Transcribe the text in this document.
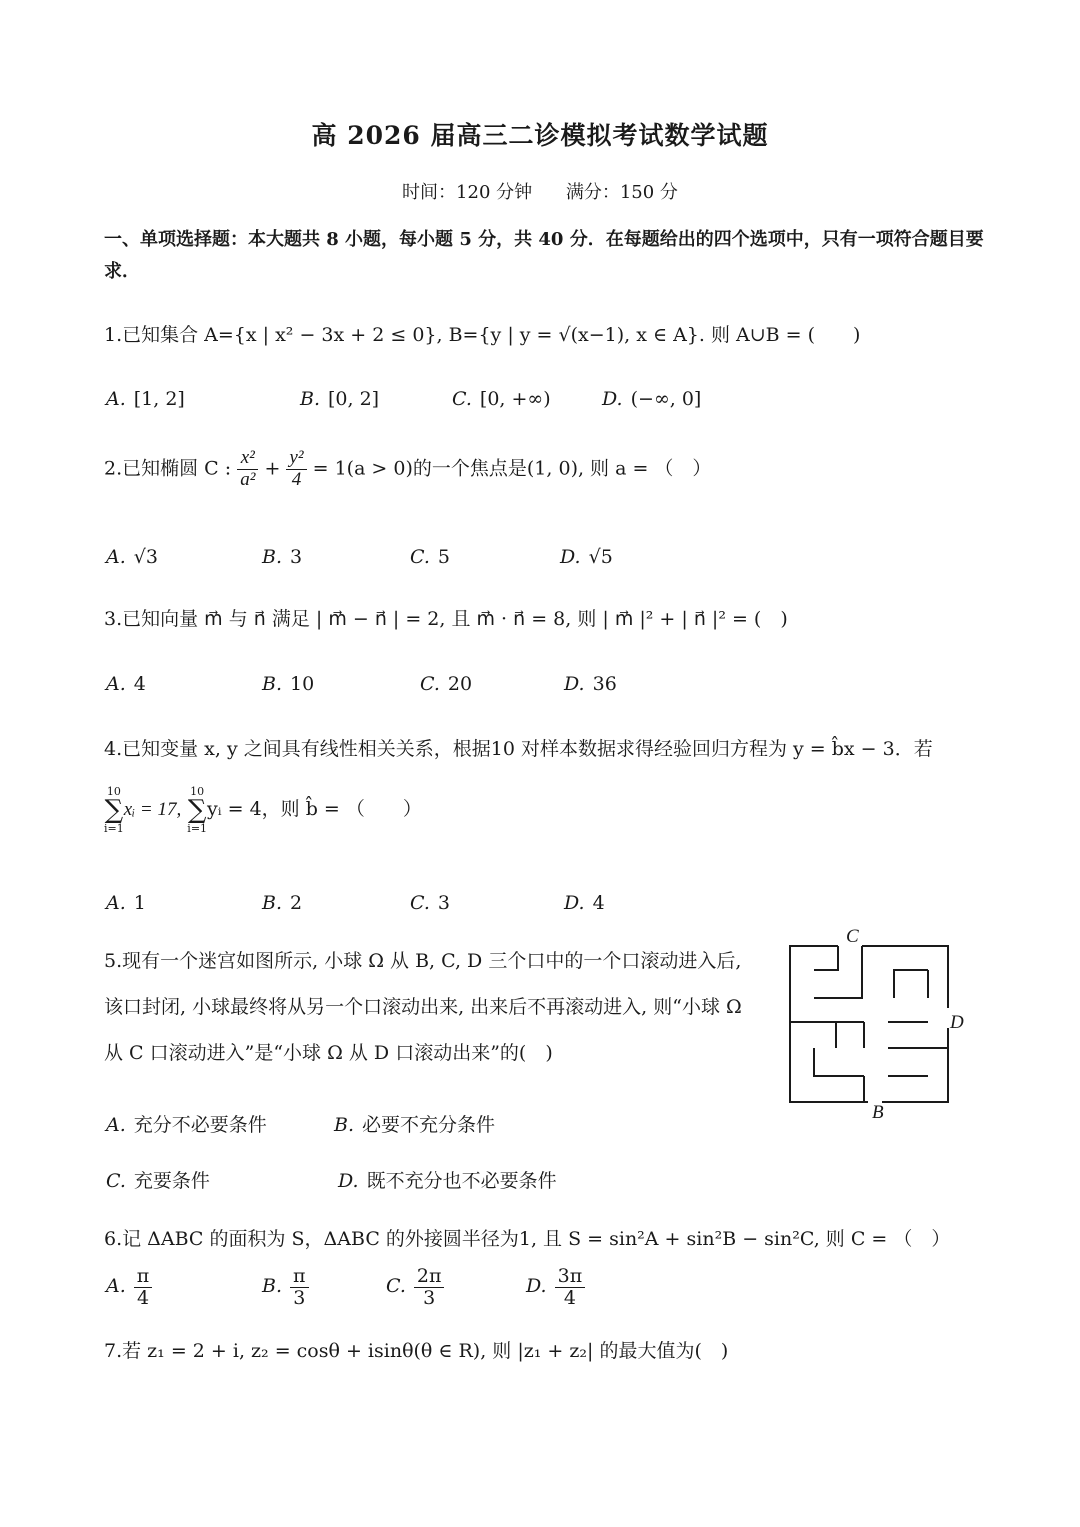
高 2026 届高三二诊模拟考试数学试题
时间：120 分钟 满分：150 分
一、单项选择题：本大题共 8 小题，每小题 5 分，共 40 分．在每题给出的四个选项中，只有一项符合题目要求．
1.已知集合 A={x | x² − 3x + 2 ≤ 0}, B={y | y = √(x−1), x ∈ A}. 则 A∪B = (　　)
A. [1, 2]	B. [0, 2]	C. [0, +∞)	D. (−∞, 0]
2.已知椭圆 C : $\frac{\text{x²}}{\text{a²}} + \frac{\text{y²}}{4} = 1(a > 0)$的一个焦点是(1, 0), 则 a = （　）
A. √3	B. 3	C. 5	D. √5
3.已知向量 m⃗ 与 n⃗ 满足 | m⃗ − n⃗ | = 2, 且 m⃗ · n⃗ = 8, 则 | m⃗ |² + | n⃗ |² = (　)
A. 4	B. 10	C. 20	D. 36
4.已知变量 x, y 之间具有线性相关关系，根据10 对样本数据求得经验回归方程为 y = b̂x − 3．若
10
∑
i=1xᵢ = 17, 10
∑
i=1yᵢ = 4，则 b̂ = （　　）
A. 1	B. 2	C. 3	D. 4
5.现有一个迷宫如图所示, 小球 Ω 从 B, C, D 三个口中的一个口滚动进入后, 该口封闭, 小球最终将从另一个口滚动出来, 出来后不再滚动进入, 则“小球 Ω 从 C 口滚动进入”是“小球 Ω 从 D 口滚动出来”的(　)
C
D
B
A. 充分不必要条件	B. 必要不充分条件
C. 充要条件	D. 既不充分也不必要条件
6.记 ΔABC 的面积为 S，ΔABC 的外接圆半径为1, 且 S = sin²A + sin²B − sin²C, 则 C = （　）
A. $\frac{\pi}{4}$	B. $\frac{\pi}{3}$	C. $\frac{2\pi}{3}$	D. $\frac{3\pi}{4}$
7.若 z₁ = 2 + i, z₂ = cosθ + isinθ(θ ∈ R), 则 |z₁ + z₂| 的最大值为(　)
